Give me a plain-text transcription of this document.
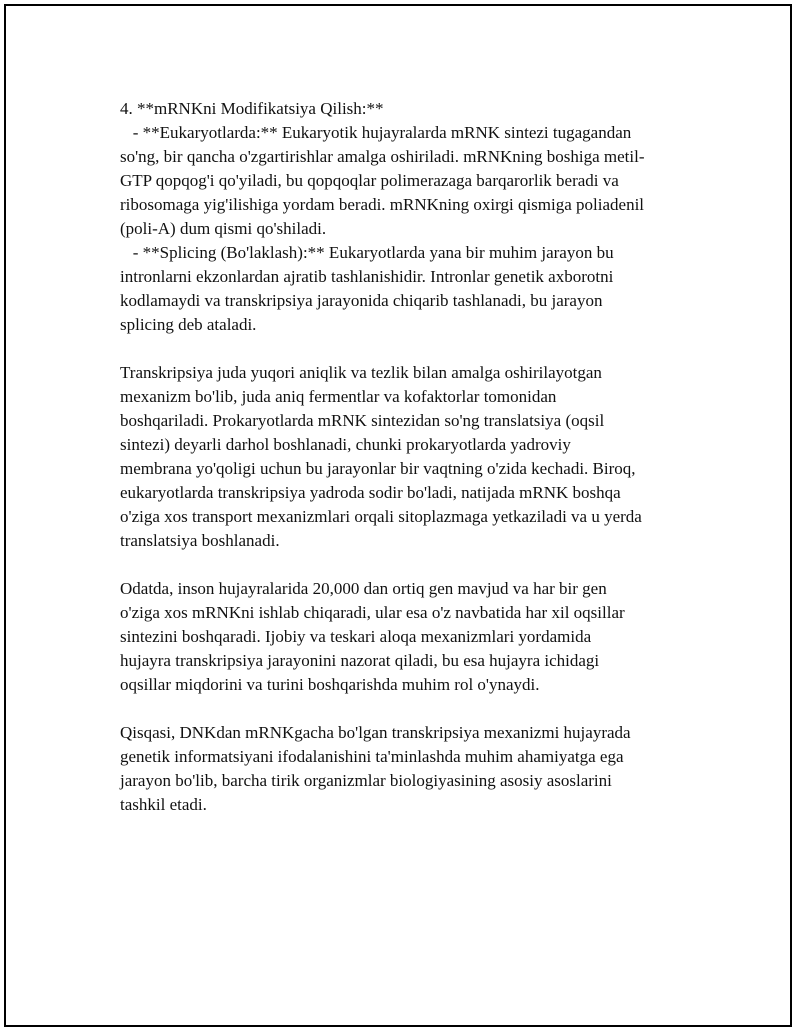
4. **mRNKni Modifikatsiya Qilish:**
- **Eukaryotlarda:** Eukaryotik hujayralarda mRNK sintezi tugagandan
so'ng, bir qancha o'zgartirishlar amalga oshiriladi. mRNKning boshiga metil-
GTP qopqog'i qo'yiladi, bu qopqoqlar polimerazaga barqarorlik beradi va
ribosomaga yig'ilishiga yordam beradi. mRNKning oxirgi qismiga poliadenil
(poli-A) dum qismi qo'shiladi.
- **Splicing (Bo'laklash):** Eukaryotlarda yana bir muhim jarayon bu
intronlarni ekzonlardan ajratib tashlanishidir. Intronlar genetik axborotni
kodlamaydi va transkripsiya jarayonida chiqarib tashlanadi, bu jarayon
splicing deb ataladi.
Transkripsiya juda yuqori aniqlik va tezlik bilan amalga oshirilayotgan
mexanizm bo'lib, juda aniq fermentlar va kofaktorlar tomonidan
boshqariladi. Prokaryotlarda mRNK sintezidan so'ng translatsiya (oqsil
sintezi) deyarli darhol boshlanadi, chunki prokaryotlarda yadroviy
membrana yo'qoligi uchun bu jarayonlar bir vaqtning o'zida kechadi. Biroq,
eukaryotlarda transkripsiya yadroda sodir bo'ladi, natijada mRNK boshqa
o'ziga xos transport mexanizmlari orqali sitoplazmaga yetkaziladi va u yerda
translatsiya boshlanadi.
Odatda, inson hujayralarida 20,000 dan ortiq gen mavjud va har bir gen
o'ziga xos mRNKni ishlab chiqaradi, ular esa o'z navbatida har xil oqsillar
sintezini boshqaradi. Ijobiy va teskari aloqa mexanizmlari yordamida
hujayra transkripsiya jarayonini nazorat qiladi, bu esa hujayra ichidagi
oqsillar miqdorini va turini boshqarishda muhim rol o'ynaydi.
Qisqasi, DNKdan mRNKgacha bo'lgan transkripsiya mexanizmi hujayrada
genetik informatsiyani ifodalanishini ta'minlashda muhim ahamiyatga ega
jarayon bo'lib, barcha tirik organizmlar biologiyasining asosiy asoslarini
tashkil etadi.
